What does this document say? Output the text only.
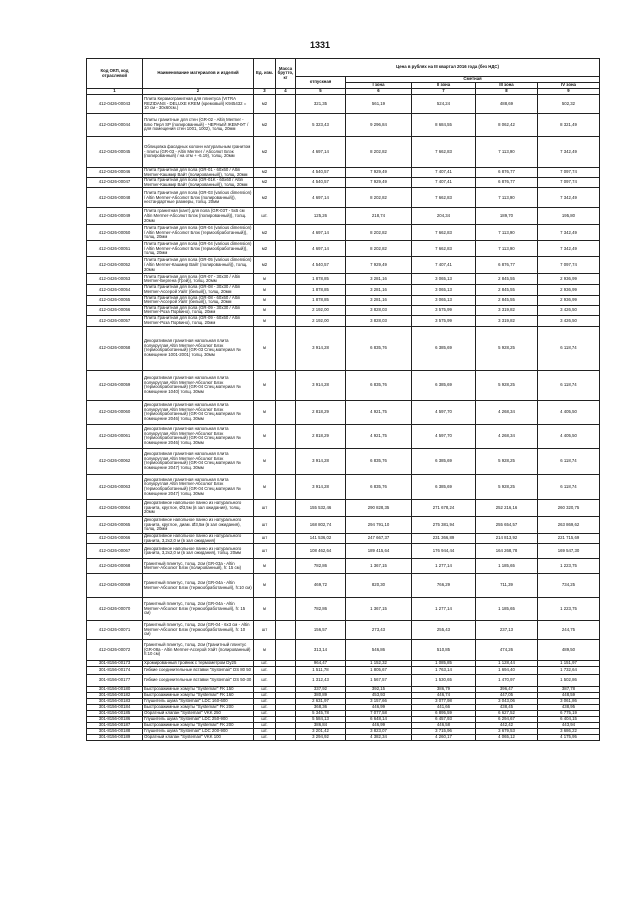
1331
Код ОКП, код отраслевой	Наименование материалов и изделий	Ед. изм.	Масса брутто, кг	Цена в рублях на III квартал 2016 года (без НДС)				
				отпускная	Сметная			
					I зона	II зона	III зона	IV зона
1	2	3	4	5	6	7	8	9
412-0426-00043	Плита Керамогранитная для плинтуса (VITRA REZIDANS - DELUXE KREM (кремовый) K945432 = 10 см - 30х60см.)	м2		321,35	561,19	524,24	488,69	502,32
412-0426-00044	Плиты гранитные для стен (GR-02 - Altin Mermer - Блю Перл SP (полированный) - ЧЕРНЫЙ ЖЕМЧУГ / для помещения стен 1001, 1002), толщ. 20мм	м2		5 323,43	9 296,84	8 684,55	8 062,42	8 321,49
412-0426-00045	Облицовка фасадных колонн натуральным гранитом - плиты (GR-03 - Altin Mermer / Абсолют Блэк (полированный) / на отм + -6.19), толщ. 20мм	м2		4 697,14	8 202,82	7 662,83	7 113,90	7 342,49
412-0426-00046	Плита Гранитная для пола (GR-01 - 60х60 / Altin Mermer-Кашмир Вайт (полированный)), толщ. 20мм	м2		4 540,57	7 929,49	7 407,41	6 876,77	7 097,74
412-0426-00047	Плита Гранитная для пола (GR-01K - 60х60 / Altin Mermer-Кашмир Вайт (полированный)), толщ. 20мм	м2		4 540,57	7 929,49	7 407,41	6 876,77	7 097,74
412-0426-00048	Плита Гранитная для пола (GR-03 (various dimension) / Altin Mermer-Абсолют Блэк (полированный)), нестандартные размеры, толщ. 20мм	м2		4 697,14	8 202,82	7 662,83	7 113,90	7 342,49
412-0426-00049	Плита гранитная (кант) для пола (GR-03T - 5х5 см Altin Mermer-Абсолют Блэк (полированный)), толщ. 20мм	шт.		125,26	218,74	204,34	189,70	195,80
412-0426-00050	Плита Гранитная для пола (GR-04 (various dimension) / Altin Mermer-Абсолют Блэк (термообработанный)), толщ. 20мм	м2		4 697,14	8 202,82	7 662,83	7 113,90	7 342,49
412-0426-00051	Плита Гранитная для пола (GR-04 (various dimension) / Altin Mermer-Абсолют Блэк (термообработанный)), толщ. 20мм	м2		4 697,14	8 202,82	7 662,83	7 113,90	7 342,49
412-0426-00052	Плита Гранитная для пола (GR-05 (various dimension) / Altin Mermer-Кашмир Вайт (полированный)), толщ. 20мм	м2		4 540,57	7 929,49	7 407,41	6 876,77	7 097,74
412-0426-00053	Плита Гранитная для пола (GR-07 - 30х30 / Altin Mermer-Бергена (Грэй)), толщ. 20мм	м		1 878,85	3 281,16	3 065,13	2 845,55	2 936,99
412-0426-00054	Плита Гранитная для пола (GR-08 - 30х30 / Altin Mermer-Ассерой Уайт (белый)), толщ. 20мм	м		1 878,85	3 281,16	3 065,13	2 845,55	2 936,99
412-0426-00055	Плита Гранитная для пола (GR-08 - 60х60 / Altin Mermer-Ассерой Уайт (белый)), толщ. 20мм	м		1 878,85	3 281,16	3 065,13	2 845,55	2 936,99
412-0426-00056	Плита Гранитная для пола (GR-09 - 30х30 / Altin Mermer-Роза Порвино), толщ. 20мм	м		2 192,00	3 828,03	3 575,99	3 319,82	3 426,50
412-0426-00057	Плита Гранитная для пола (GR-09 - 60х60 / Altin Mermer-Роза Порвино), толщ. 20мм	м		2 192,00	3 828,03	3 575,99	3 319,82	3 426,50
412-0426-00058	Декоративная гранитная напольная плита полукруглая Altin Mermer-Абсолют Блэк (термообработанный) (GR-03 Спец.материал № помещение 1001-2001) толщ. 30мм	м		3 914,28	6 835,76	6 385,69	5 928,25	6 118,74
412-0426-00059	Декоративная гранитная напольная плита полукруглая Altin Mermer-Абсолют Блэк (термообработанный) (GR-04 Спец.материал № помещение 1040) толщ. 30мм	м		3 914,28	6 835,76	6 385,69	5 928,25	6 118,74
412-0426-00060	Декоративная гранитная напольная плита полукруглая Altin Mermer-Абсолют Блэк (термообработанный) (GR-04 Спец.материал № помещение 2046) толщ. 30мм	м		2 818,29	4 921,75	4 597,70	4 268,34	4 405,50
412-0426-00061	Декоративная гранитная напольная плита полукруглая Altin Mermer-Абсолют Блэк (термообработанный) (GR-04 Спец.материал № помещение 2046) толщ. 30мм	м		2 818,29	4 921,75	4 597,70	4 268,34	4 405,50
412-0426-00062	Декоративная гранитная напольная плита полукруглая Altin Mermer-Абсолют Блэк (термообработанный) (GR-04 Спец.материал № помещение 2047) толщ. 30мм	м		3 914,28	6 835,76	6 385,69	5 928,25	6 118,74
412-0426-00063	Декоративная гранитная напольная плита полукруглая Altin Mermer-Абсолют Блэк (термообработанный) (GR-04 Спец.материал № помещение 2047) толщ. 30мм	м		3 914,28	6 835,76	6 385,69	5 928,25	6 118,74
412-0426-00064	Декоративное напольное панно из натурального гранита, круглое, Ø3,5м (в зал ожидания), толщ. 20мм	шт		155 532,46	290 828,35	271 678,24	252 216,16	260 320,75
412-0426-00065	Декоративное напольное панно из натурального гранита, круглое, диам. Ø3,5м (в зал ожидания), толщ. 20мм	шт		168 802,74	294 791,10	275 381,94	255 654,57	263 869,62
412-0426-00066	Декоративное напольное панно из натурального гранита, 3,2х2,0 м (в зал ожидания)	шт		141 536,02	247 667,37	231 366,89	214 813,92	221 715,69
412-0426-00067	Декоративное напольное панно из натурального гранита, 3,2х2,0 м (в зал ожидания), толщ. 20мм	шт		108 462,64	189 415,64	176 944,44	164 268,78	169 547,30
412-0426-00068	Гранитный плинтус, толщ. 2см (GR-03a - Altin Mermer-Абсолют Блэк (полированный), h: 15 см)	м		782,86	1 367,15	1 277,14	1 185,65	1 223,75
412-0426-00069	Гранитный плинтус, толщ. 2см (GR-04a - Altin Mermer-Абсолют Блэк (термообработанный), h:10 см)	м		469,72	820,30	766,29	711,39	734,25
412-0426-00070	Гранитный плинтус, толщ. 2см (GR-04a - Altin Mermer-Абсолют Блэк (термообработанный), h: 15 см)	м		782,86	1 367,15	1 277,14	1 185,65	1 223,75
412-0426-00071	Гранитный плинтус, толщ. 2см (GR-04 - 6х3 см - Altin Mermer-Абсолют Блэк (термообработанный), h: 10 см)	шт		156,57	273,43	255,43	237,13	244,75
412-0426-00072	Гранитный плинтус, толщ. 2см (Гранитный плинтус (GR-08a - Altin Mermer-Ассерой Уайт (полированный) h:10 см)	м		313,14	546,86	510,85	474,26	489,50
301-8156-00173	Хромированный тройник с термометром Dy25	шт.		964,47	1 152,32	1 085,85	1 128,44	1 151,97
301-8156-00174	Гибкие соединительные вставки "Systemair" DS 80 50	шт.		1 511,78	1 805,67	1 763,14	1 694,40	1 732,64
301-8156-00177	Гибкие соединительные вставки "Systemair" DS 50-30	шт.		1 312,43	1 567,57	1 530,65	1 470,97	1 502,86
301-8156-00180	Быстрозажимные хомуты "Systemair" FK 150	шт.		337,92	392,15	386,79	396,47	387,78
301-8156-00182	Быстрозажимные хомуты "Systemair" FK 160	шт.		380,89	453,93	446,74	447,05	448,59
301-8156-00183	Глушитель шума "Systemair" LDC 160-600	шт.		2 631,97	3 157,66	3 077,98	3 043,06	3 061,86
301-8156-00184	Быстрозажимные хомуты "Systemair" FK 200	шт.		368,36	446,99	441,66	438,45	438,95
301-8156-00185	Обратный клапан "Systemair" VKK 250	шт.		5 345,78	7 077,58	6 895,59	6 627,52	6 775,19
301-8156-00186	Глушитель шума "Systemair" LDC 250-900	шт.		5 584,13	6 648,14	6 457,93	6 294,67	6 404,15
301-8156-00187	Быстрозажимные хомуты "Systemair" FK 200	шт.		386,84	446,99	446,58	442,42	443,94
301-8156-00188	Глушитель шума "Systemair" LDC 200-900	шт.		3 201,42	3 823,07	3 715,96	3 679,53	3 686,22
301-8156-00189	Обратный клапан "Systemair" VKK 100	шт.		3 294,92	4 382,34	4 260,17	4 065,12	4 175,95
